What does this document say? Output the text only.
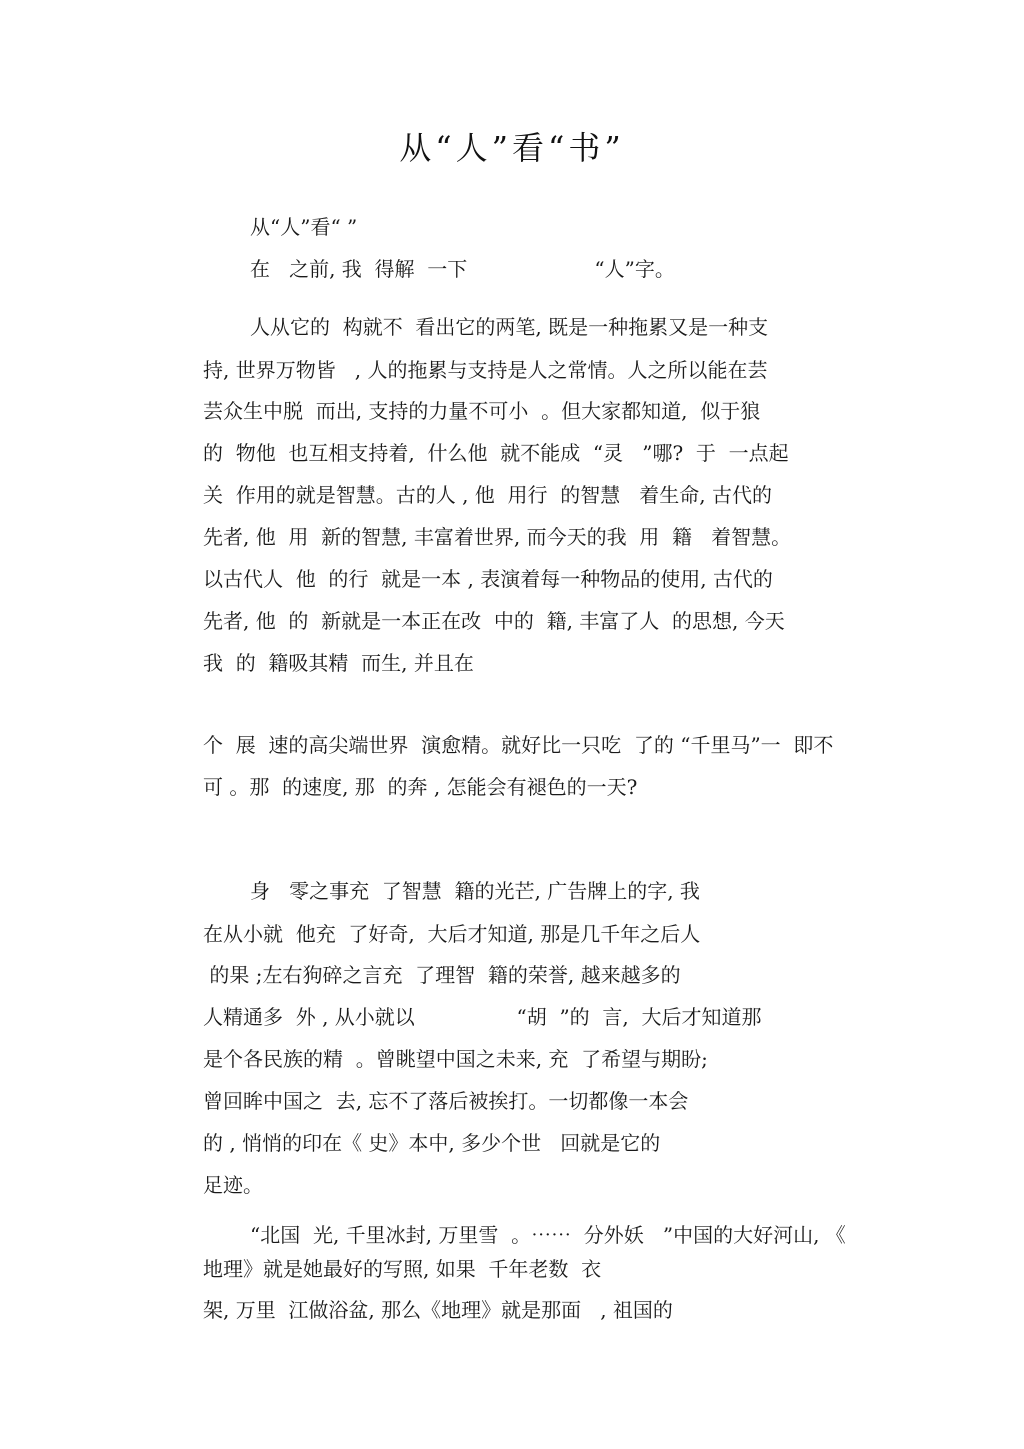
从“人”看“书”
从“人”看“ ”
在   之前, 我  得解  一下                    “人”字。
人从它的  构就不  看出它的两笔, 既是一种拖累又是一种支
持, 世界万物皆   , 人的拖累与支持是人之常情。人之所以能在芸
芸众生中脱  而出, 支持的力量不可小  。但大家都知道,  似于狼
的  物他  也互相支持着,  什么他  就不能成  “灵   ”哪?  于  一点起
关  作用的就是智慧。古的人 , 他  用行  的智慧   着生命, 古代的
先者, 他  用  新的智慧, 丰富着世界, 而今天的我  用  籍   着智慧。
以古代人  他  的行  就是一本 , 表演着每一种物品的使用, 古代的
先者, 他  的  新就是一本正在改  中的  籍, 丰富了人  的思想, 今天
我  的  籍吸其精  而生, 并且在
个  展  速的高尖端世界  演愈精。就好比一只吃  了的 “千里马”一  即不
可 。那  的速度, 那  的奔 , 怎能会有褪色的一天?
身   零之事充  了智慧  籍的光芒, 广告牌上的字, 我
在从小就  他充  了好奇,  大后才知道, 那是几千年之后人
的果 ;左右狗碎之言充  了理智  籍的荣誉, 越来越多的
人精通多  外 , 从小就以                “胡  ”的  言,  大后才知道那
是个各民族的精  。曾眺望中国之未来, 充  了希望与期盼;
曾回眸中国之  去, 忘不了落后被挨打。一切都像一本会
的 , 悄悄的印在《 史》本中, 多少个世   回就是它的
足迹。
“北国  光, 千里冰封, 万里雪  。⋯⋯  分外妖   ”中国的大好河山, 《
地理》就是她最好的写照, 如果  千年老数  衣
架, 万里  江做浴盆, 那么《地理》就是那面   , 祖国的
